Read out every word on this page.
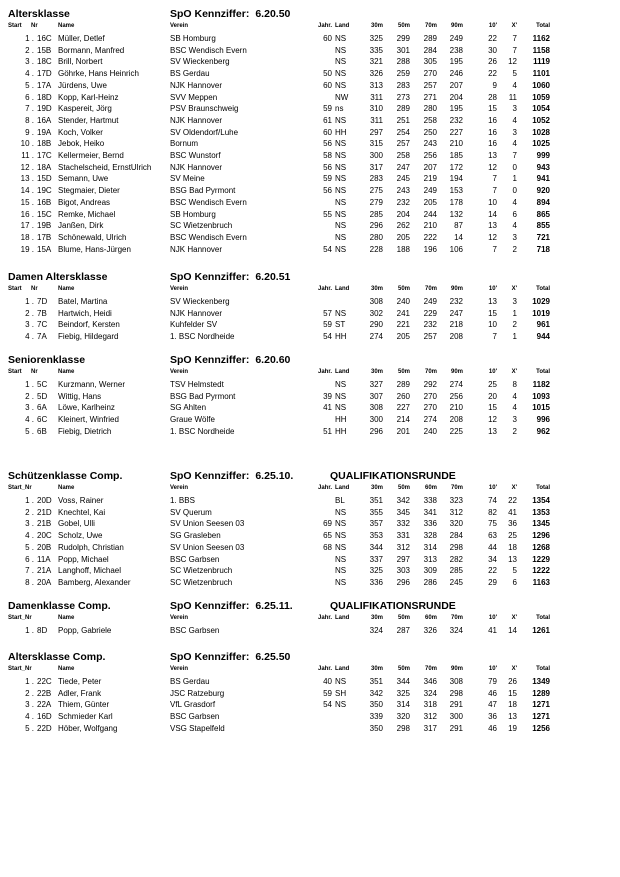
Altersklasse	SpO Kennziffer: 6.20.50
Start Nr	Name	Verein	Jahr. Land	30m	50m	70m	90m	10'	X'	Total
1 . 16C Müller, Detlef	SB Homburg	60 NS	325	299	289	249	22	7	1162
2 . 15B Bormann, Manfred	BSC Wendisch Evern	NS	335	301	284	238	30	7	1158
3 . 18C Brill, Norbert	SV Wieckenberg	NS	321	288	305	195	26	12	1119
4 . 17D Göhrke, Hans Heinrich	BS Gerdau	50 NS	326	259	270	246	22	5	1101
5 . 17A Jürdens, Uwe	NJK Hannover	60 NS	313	283	257	207	9	4	1060
6 . 18D Kopp, Karl-Heinz	SVV Meppen	NW	311	273	271	204	28	11	1059
7 . 19D Kaspereit, Jörg	PSV Braunschweig	59 ns	310	289	280	195	15	3	1054
8 . 16A Stender, Hartmut	NJK Hannover	61 NS	311	251	258	232	16	4	1052
9 . 19A Koch, Volker	SV Oldendorf/Luhe	60 HH	297	254	250	227	16	3	1028
10 . 18B Jebok, Heiko	Bornum	56 NS	315	257	243	210	16	4	1025
11 . 17C Kellermeier, Bernd	BSC Wunstorf	58 NS	300	258	256	185	13	7	999
12 . 18A Stachelscheid, ErnstUlrich NJK Hannover	56 NS	317	247	207	172	12	0	943
13 . 15D Semann, Uwe	SV Meine	59 NS	283	245	219	194	7	1	941
14 . 19C Stegmaier, Dieter	BSG Bad Pyrmont	56 NS	275	243	249	153	7	0	920
15 . 16B Bigot, Andreas	BSC Wendisch Evern	NS	279	232	205	178	10	4	894
16 . 15C Remke, Michael	SB Homburg	55 NS	285	204	244	132	14	6	865
17 . 19B Janßen, Dirk	SC Wietzenbruch	NS	296	262	210	87	13	4	855
18 . 17B Schönewald, Ulrich	BSC Wendisch Evern	NS	280	205	222	14	12	3	721
19 . 15A Blume, Hans-Jürgen	NJK Hannover	54 NS	228	188	196	106	7	2	718
Damen Altersklasse	SpO Kennziffer: 6.20.51
Start Nr	Name	Verein	Jahr. Land	30m	50m	70m	90m	10'	X'	Total
1 . 7D Batel, Martina	SV Wieckenberg	308	240	249	232	13	3	1029
2 . 7B Hartwich, Heidi	NJK Hannover	57 NS	302	241	229	247	15	1	1019
3 . 7C Beindorf, Kersten	Kuhfelder SV	59 ST	290	221	232	218	10	2	961
4 . 7A Fiebig, Hildegard	1. BSC Nordheide	54 HH	274	205	257	208	7	1	944
Seniorenklasse	SpO Kennziffer: 6.20.60
Start Nr	Name	Verein	Jahr. Land	30m	50m	70m	90m	10'	X'	Total
1 . 5C Kurzmann, Werner	TSV Helmstedt	NS	327	289	292	274	25	8	1182
2 . 5D Wittig, Hans	BSG Bad Pyrmont	39 NS	307	260	270	256	20	4	1093
3 . 6A Löwe, Karlheinz	SG Ahlten	41 NS	308	227	270	210	15	4	1015
4 . 6C Kleinert, Winfried	Graue Wölfe	HH	300	214	274	208	12	3	996
5 . 6B Fiebig, Dietrich	1. BSC Nordheide	51 HH	296	201	240	225	13	2	962
Schützenklasse Comp.	SpO Kennziffer: 6.25.10.	QUALIFIKATIONSRUNDE
Start_Nr	Name	Verein	Jahr. Land	30m	50m	60m	70m	10'	X'	Total
1 . 20D Voss, Rainer	1. BBS	BL	351	342	338	323	74	22	1354
2 . 21D Knechtel, Kai	SV Querum	NS	355	345	341	312	82	41	1353
3 . 21B Gobel, Ulli	SV Union Seesen 03	69 NS	357	332	336	320	75	36	1345
4 . 20C Scholz, Uwe	SG Grasleben	65 NS	353	331	328	284	63	25	1296
5 . 20B Rudolph, Christian	SV Union Seesen 03	68 NS	344	312	314	298	44	18	1268
6 . 11A Popp, Michael	BSC Garbsen	NS	337	297	313	282	34	13	1229
7 . 21A Langhoff, Michael	SC Wietzenbruch	NS	325	303	309	285	22	5	1222
8 . 20A Bamberg, Alexander	SC Wietzenbruch	NS	336	296	286	245	29	6	1163
Damenklasse Comp.	SpO Kennziffer: 6.25.11.	QUALIFIKATIONSRUNDE
Start_Nr	Name	Verein	Jahr. Land	30m	50m	60m	70m	10'	X'	Total
1 . 8D Popp, Gabriele	BSC Garbsen	324	287	326	324	41	14	1261
Altersklasse Comp.	SpO Kennziffer: 6.25.50
Start_Nr	Name	Verein	Jahr. Land	30m	50m	70m	90m	10'	X'	Total
1 . 22C Tiede, Peter	BS Gerdau	40 NS	351	344	346	308	79	26	1349
2 . 22B Adler, Frank	JSC Ratzeburg	59 SH	342	325	324	298	46	15	1289
3 . 22A Thiem, Günter	VfL Grasdorf	54 NS	350	314	318	291	47	18	1271
4 . 16D Schmieder Karl	BSC Garbsen	339	320	312	300	36	13	1271
5 . 22D Höber, Wolfgang	VSG Stapelfeld	350	298	317	291	46	19	1256
